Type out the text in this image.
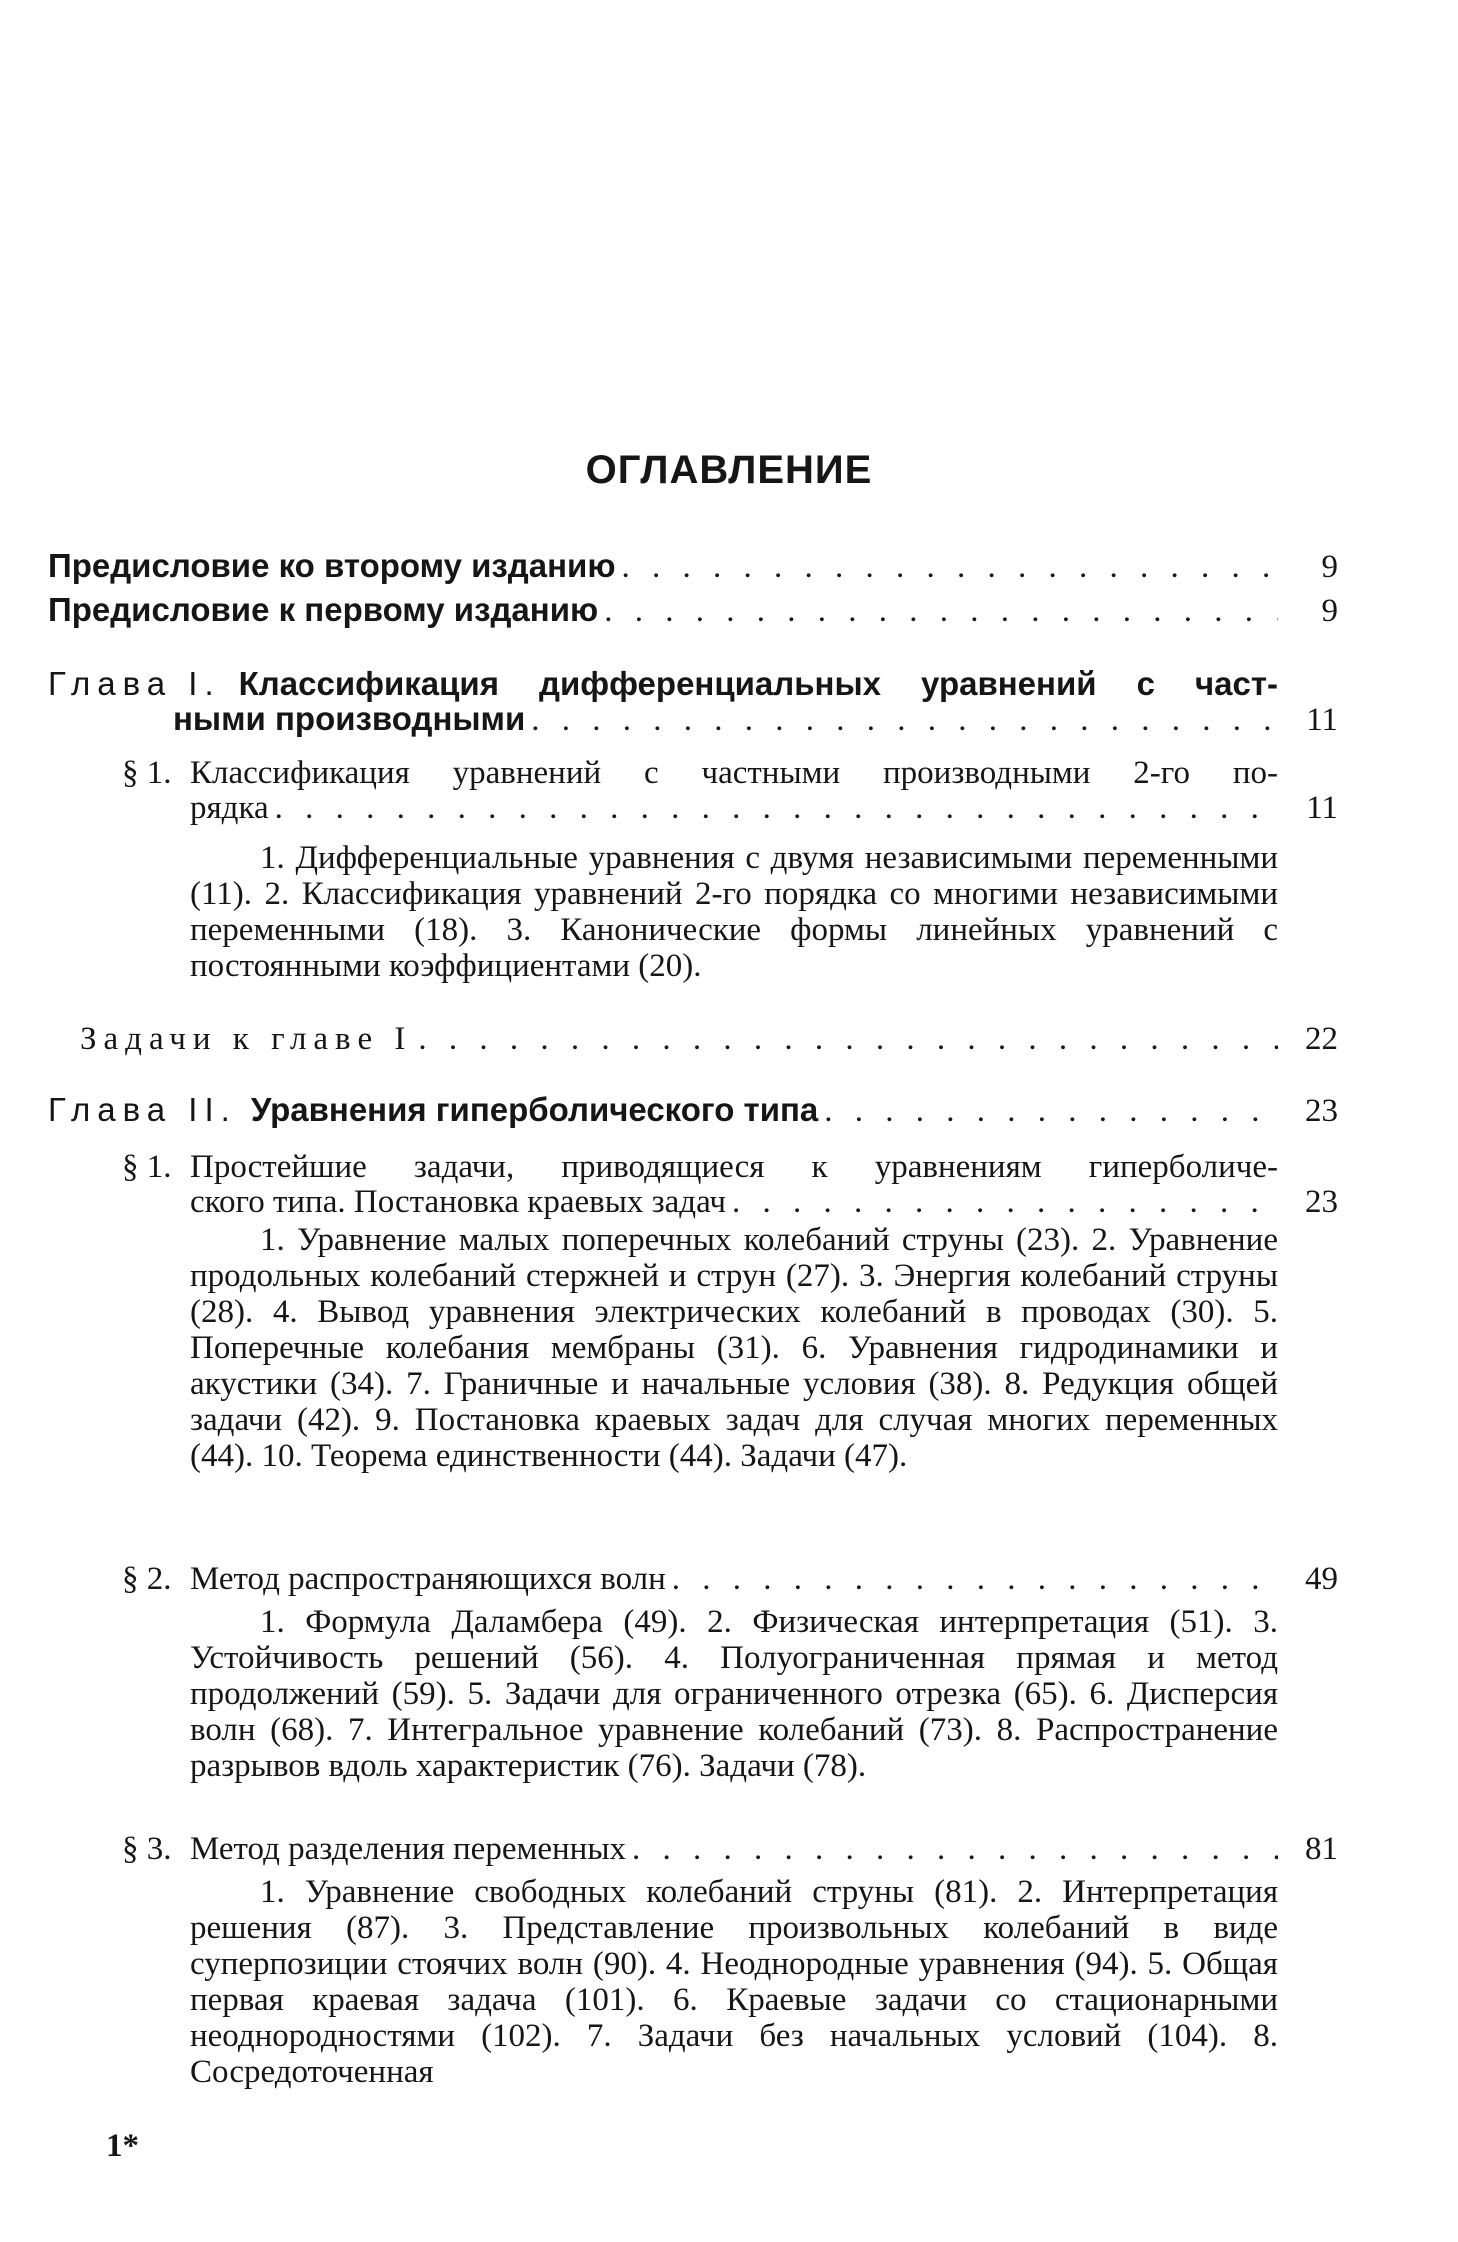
ОГЛАВЛЕНИЕ
Предисловие ко второму изданию . . .	9
Предисловие к первому изданию . . .	9
Глава I. Классификация дифференциальных уравнений с част-
ными производными . . .	11
§ 1. Классификация уравнений с частными производными 2-го по-
рядка . . .	11
1. Дифференциальные уравнения с двумя независимыми переменными (11). 2. Классификация уравнений 2-го порядка со многими независимыми переменными (18). 3. Канонические формы линейных уравнений с постоянными коэффициентами (20).
Задачи к главе I . . .	22
Глава II. Уравнения гиперболического типа . . .	23
§ 1. Простейшие задачи, приводящиеся к уравнениям гиперболиче-
ского типа. Постановка краевых задач . . .	23
1. Уравнение малых поперечных колебаний струны (23). 2. Уравнение продольных колебаний стержней и струн (27). 3. Энергия колебаний струны (28). 4. Вывод уравнения электрических колебаний в проводах (30). 5. Поперечные колебания мембраны (31). 6. Уравнения гидродинамики и акустики (34). 7. Граничные и начальные условия (38). 8. Редукция общей задачи (42). 9. Постановка краевых задач для случая многих переменных (44). 10. Теорема единственности (44). Задачи (47).
§ 2. Метод распространяющихся волн . . .	49
1. Формула Даламбера (49). 2. Физическая интерпретация (51). 3. Устойчивость решений (56). 4. Полуограниченная прямая и метод продолжений (59). 5. Задачи для ограниченного отрезка (65). 6. Дисперсия волн (68). 7. Интегральное уравнение колебаний (73). 8. Распространение разрывов вдоль характеристик (76). Задачи (78).
§ 3. Метод разделения переменных . . .	81
1. Уравнение свободных колебаний струны (81). 2. Интерпретация решения (87). 3. Представление произвольных колебаний в виде суперпозиции стоячих волн (90). 4. Неоднородные уравнения (94). 5. Общая первая краевая задача (101). 6. Краевые задачи со стационарными неоднородностями (102). 7. Задачи без начальных условий (104). 8. Сосредоточенная
1*
